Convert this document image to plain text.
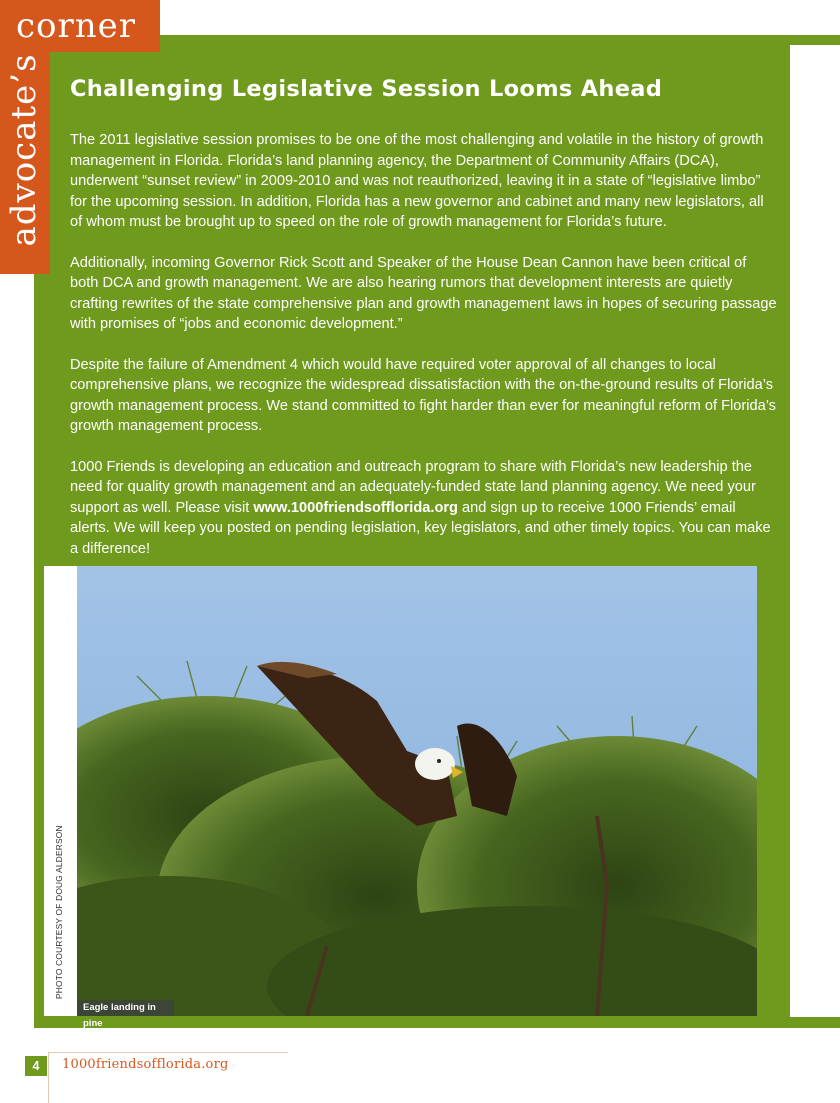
corner
advocate’s Challenging Legislative Session Looms Ahead

The 2011 legislative session promises to be one of the most challenging and volatile in the history of growth management in Florida. Florida’s land planning agency, the Department of Community Affairs (DCA), underwent “sunset review” in 2009-2010 and was not reauthorized, leaving it in a state of “legislative limbo” for the upcoming session. In addition, Florida has a new governor and cabinet and many new legislators, all of whom must be brought up to speed on the role of growth management for Florida’s future.

Additionally, incoming Governor Rick Scott and Speaker of the House Dean Cannon have been critical of both DCA and growth management. We are also hearing rumors that development interests are quietly crafting rewrites of the state comprehensive plan and growth management laws in hopes of securing passage with promises of “jobs and economic development.”

Despite the failure of Amendment 4 which would have required voter approval of all changes to local comprehensive plans, we recognize the widespread dissatisfaction with the on-the-ground results of Florida’s growth management process. We stand committed to fight harder than ever for meaningful reform of Florida’s growth management process.

1000 Friends is developing an education and outreach program to share with Florida’s new leadership the need for quality growth management and an adequately-funded state land planning agency. We need your support as well. Please visit www.1000friendsofflorida.org and sign up to receive 1000 Friends’ email alerts. We will keep you posted on pending legislation, key legislators, and other timely topics. You can make a difference!

PHOTO COURTESY OF DOUG ALDERSON
Eagle landing in pine
4	1000friendsofflorida.org
